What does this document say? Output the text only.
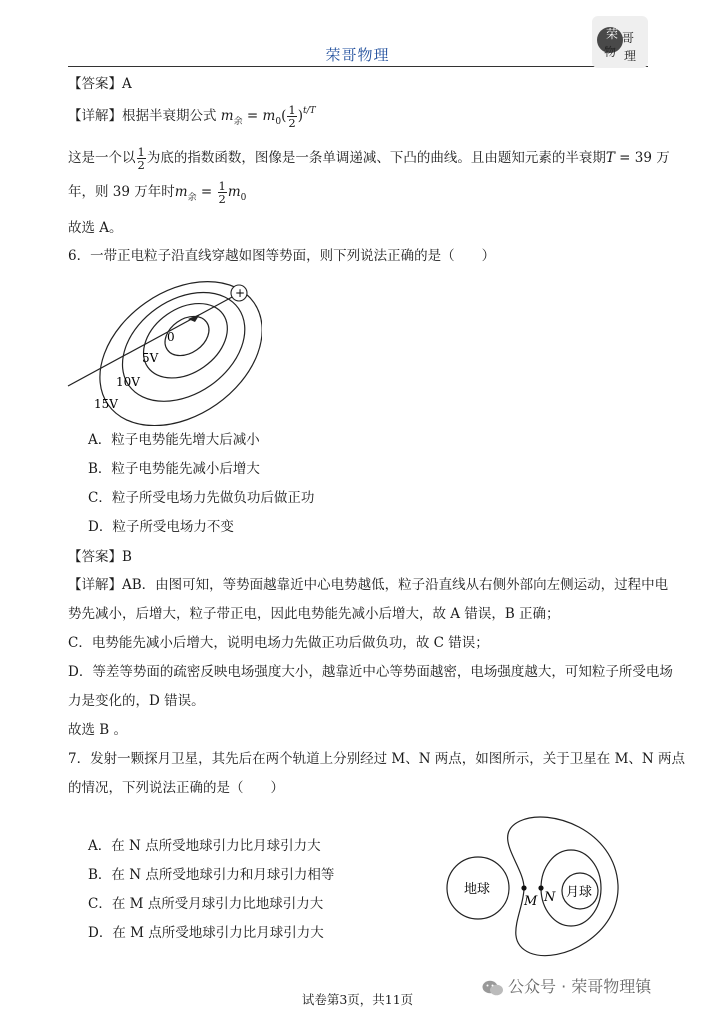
荣哥物理
荣 哥
物 理
【答案】A
【详解】根据半衰期公式 $m_余 = m_0( \frac{1}{2} )^{t/T}$
这是一个以 $\frac{1}{2}$ 为底的指数函数，图像是一条单调递减、下凸的曲线。且由题知元素的半衰期T = 39 万
年，则 39 万年时$m_余 = \frac{1}{2} m_0$
故选 A。
6．一带正电粒子沿直线穿越如图等势面，则下列说法正确的是（　　）
+
0
5V
10V
15V
A．粒子电势能先增大后减小
B．粒子电势能先减小后增大
C．粒子所受电场力先做负功后做正功
D．粒子所受电场力不变
【答案】B
【详解】AB．由图可知，等势面越靠近中心电势越低，粒子沿直线从右侧外部向左侧运动，过程中电
势先减小，后增大，粒子带正电，因此电势能先减小后增大，故 A 错误，B 正确；
C．电势能先减小后增大，说明电场力先做正功后做负功，故 C 错误；
D．等差等势面的疏密反映电场强度大小，越靠近中心等势面越密，电场强度越大，可知粒子所受电场
力是变化的，D 错误。
故选 B 。
7．发射一颗探月卫星，其先后在两个轨道上分别经过 M、N 两点，如图所示，关于卫星在 M、N 两点
的情况，下列说法正确的是（　　）
A．在 N 点所受地球引力比月球引力大
B．在 N 点所受地球引力和月球引力相等
C．在 M 点所受月球引力比地球引力大
D．在 M 点所受地球引力比月球引力大
地球	月球
M N
公众号 · 荣哥物理镇
试卷第3页，共11页
